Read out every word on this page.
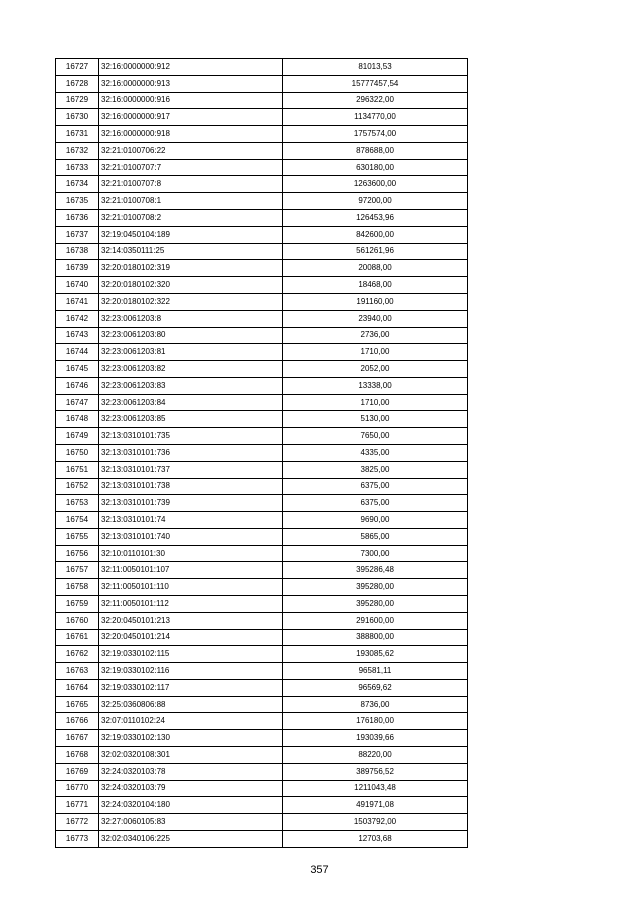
16727	32:16:0000000:912	81013,53
16728	32:16:0000000:913	15777457,54
16729	32:16:0000000:916	296322,00
16730	32:16:0000000:917	1134770,00
16731	32:16:0000000:918	1757574,00
16732	32:21:0100706:22	878688,00
16733	32:21:0100707:7	630180,00
16734	32:21:0100707:8	1263600,00
16735	32:21:0100708:1	97200,00
16736	32:21:0100708:2	126453,96
16737	32:19:0450104:189	842600,00
16738	32:14:0350111:25	561261,96
16739	32:20:0180102:319	20088,00
16740	32:20:0180102:320	18468,00
16741	32:20:0180102:322	191160,00
16742	32:23:0061203:8	23940,00
16743	32:23:0061203:80	2736,00
16744	32:23:0061203:81	1710,00
16745	32:23:0061203:82	2052,00
16746	32:23:0061203:83	13338,00
16747	32:23:0061203:84	1710,00
16748	32:23:0061203:85	5130,00
16749	32:13:0310101:735	7650,00
16750	32:13:0310101:736	4335,00
16751	32:13:0310101:737	3825,00
16752	32:13:0310101:738	6375,00
16753	32:13:0310101:739	6375,00
16754	32:13:0310101:74	9690,00
16755	32:13:0310101:740	5865,00
16756	32:10:0110101:30	7300,00
16757	32:11:0050101:107	395286,48
16758	32:11:0050101:110	395280,00
16759	32:11:0050101:112	395280,00
16760	32:20:0450101:213	291600,00
16761	32:20:0450101:214	388800,00
16762	32:19:0330102:115	193085,62
16763	32:19:0330102:116	96581,11
16764	32:19:0330102:117	96569,62
16765	32:25:0360806:88	8736,00
16766	32:07:0110102:24	176180,00
16767	32:19:0330102:130	193039,66
16768	32:02:0320108:301	88220,00
16769	32:24:0320103:78	389756,52
16770	32:24:0320103:79	1211043,48
16771	32:24:0320104:180	491971,08
16772	32:27:0060105:83	1503792,00
16773	32:02:0340106:225	12703,68
357
